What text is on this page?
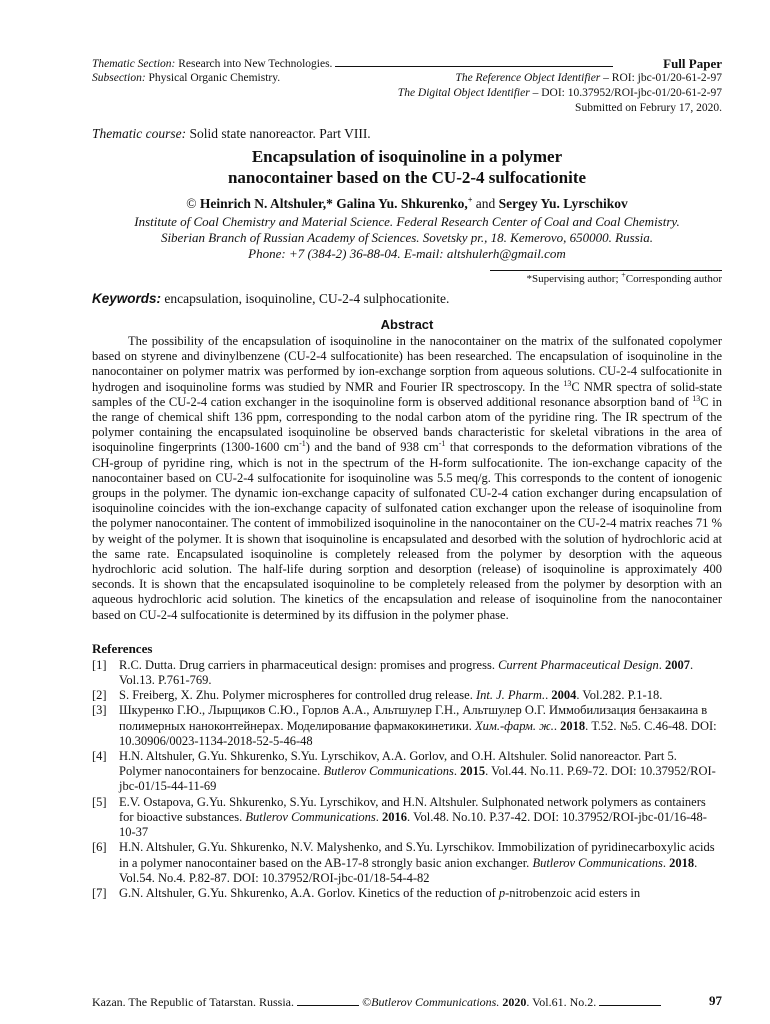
Thematic Section: Research into New Technologies.	Full Paper
Subsection: Physical Organic Chemistry.	The Reference Object Identifier – ROI: jbc-01/20-61-2-97
The Digital Object Identifier – DOI: 10.37952/ROI-jbc-01/20-61-2-97
Submitted on Februry 17, 2020.
Thematic course: Solid state nanoreactor. Part VIII.
Encapsulation of isoquinoline in a polymer
nanocontainer based on the CU-2-4 sulfocationite
© Heinrich N. Altshuler,* Galina Yu. Shkurenko,+ and Sergey Yu. Lyrschikov
Institute of Coal Chemistry and Material Science. Federal Research Center of Coal and Coal Chemistry.
Siberian Branch of Russian Academy of Sciences. Sovetsky pr., 18. Kemerovo, 650000. Russia.
Phone: +7 (384-2) 36-88-04. E-mail: altshulerh@gmail.com
*Supervising author; +Corresponding author
Keywords: encapsulation, isoquinoline, CU-2-4 sulphocationite.
Abstract
The possibility of the encapsulation of isoquinoline in the nanocontainer on the matrix of the sulfonated copolymer based on styrene and divinylbenzene (CU-2-4 sulfocationite) has been researched. The encapsulation of isoquinoline in the nanocontainer on polymer matrix was performed by ion-exchange sorption from aqueous solutions. CU-2-4 sulfocationite in hydrogen and isoquinoline forms was studied by NMR and Fourier IR spectroscopy. In the $^{13}$C NMR spectra of solid-state samples of the CU-2-4 cation exchanger in the isoquinoline form is observed additional resonance absorption band of $^{13}$C in the range of chemical shift 136 ppm, corresponding to the nodal carbon atom of the pyridine ring. The IR spectrum of the polymer containing the encapsulated isoquinoline be observed bands characteristic for skeletal vibrations in the area of isoquinoline fingerprints (1300-1600 $cm^{-1}$) and the band of 938 $cm^{-1}$ that corresponds to the deformation vibrations of the CH-group of pyridine ring, which is not in the spectrum of the H-form sulfocationite. The ion-exchange capacity of the nanocontainer based on CU-2-4 sulfocationite for isoquinoline was 5.5 meq/g. This corresponds to the content of ionogenic groups in the polymer. The dynamic ion-exchange capacity of sulfonated CU-2-4 cation exchanger during encapsulation of isoquinoline coincides with the ion-exchange capacity of sulfonated cation exchanger upon the release of isoquinoline from the polymer nanocontainer. The content of immobilized isoquinoline in the nanocontainer on the CU-2-4 matrix reaches 71 % by weight of the polymer. It is shown that isoquinoline is encapsulated and desorbed with the solution of hydrochloric acid at the same rate. Encapsulated isoquinoline is completely released from the polymer by desorption with the aqueous hydrochloric acid solution. The half-life during sorption and desorption (release) of isoquinoline is approximately 400 seconds. It is shown that the encapsulated isoquinoline to be completely released from the polymer by desorption with an aqueous hydrochloric acid solution. The kinetics of the encapsulation and release of isoquinoline from the nanocontainer based on CU-2-4 sulfocationite is determined by its diffusion in the polymer phase.
References
[1] R.C. Dutta. Drug carriers in pharmaceutical design: promises and progress. Current Pharmaceutical Design. 2007. Vol.13. P.761-769.
[2] S. Freiberg, X. Zhu. Polymer microspheres for controlled drug release. Int. J. Pharm.. 2004. Vol.282. P.1-18.
[3] Шкуренко Г.Ю., Лырщиков С.Ю., Горлов А.А., Альтшулер Г.Н., Альтшулер О.Г. Иммобилизация бензакаина в полимерных наноконтейнерах. Моделирование фармакокинетики. Хим.-фарм. ж.. 2018. Т.52. №5. С.46-48. DOI: 10.30906/0023-1134-2018-52-5-46-48
[4] H.N. Altshuler, G.Yu. Shkurenko, S.Yu. Lyrschikov, A.A. Gorlov, and O.H. Altshuler. Solid nanoreactor. Part 5. Polymer nanocontainers for benzocaine. Butlerov Communications. 2015. Vol.44. No.11. P.69-72. DOI: 10.37952/ROI-jbc-01/15-44-11-69
[5] E.V. Ostapova, G.Yu. Shkurenko, S.Yu. Lyrschikov, and H.N. Altshuler. Sulphonated network polymers as containers for bioactive substances. Butlerov Communications. 2016. Vol.48. No.10. P.37-42. DOI: 10.37952/ROI-jbc-01/16-48-10-37
[6] H.N. Altshuler, G.Yu. Shkurenko, N.V. Malyshenko, and S.Yu. Lyrschikov. Immobilization of pyridinecarboxylic acids in a polymer nanocontainer based on the AB-17-8 strongly basic anion exchanger. Butlerov Communications. 2018. Vol.54. No.4. P.82-87. DOI: 10.37952/ROI-jbc-01/18-54-4-82
[7] G.N. Altshuler, G.Yu. Shkurenko, A.A. Gorlov. Kinetics of the reduction of p-nitrobenzoic acid esters in
Kazan. The Republic of Tatarstan. Russia.	©Butlerov Communications. 2020. Vol.61. No.2.	97
